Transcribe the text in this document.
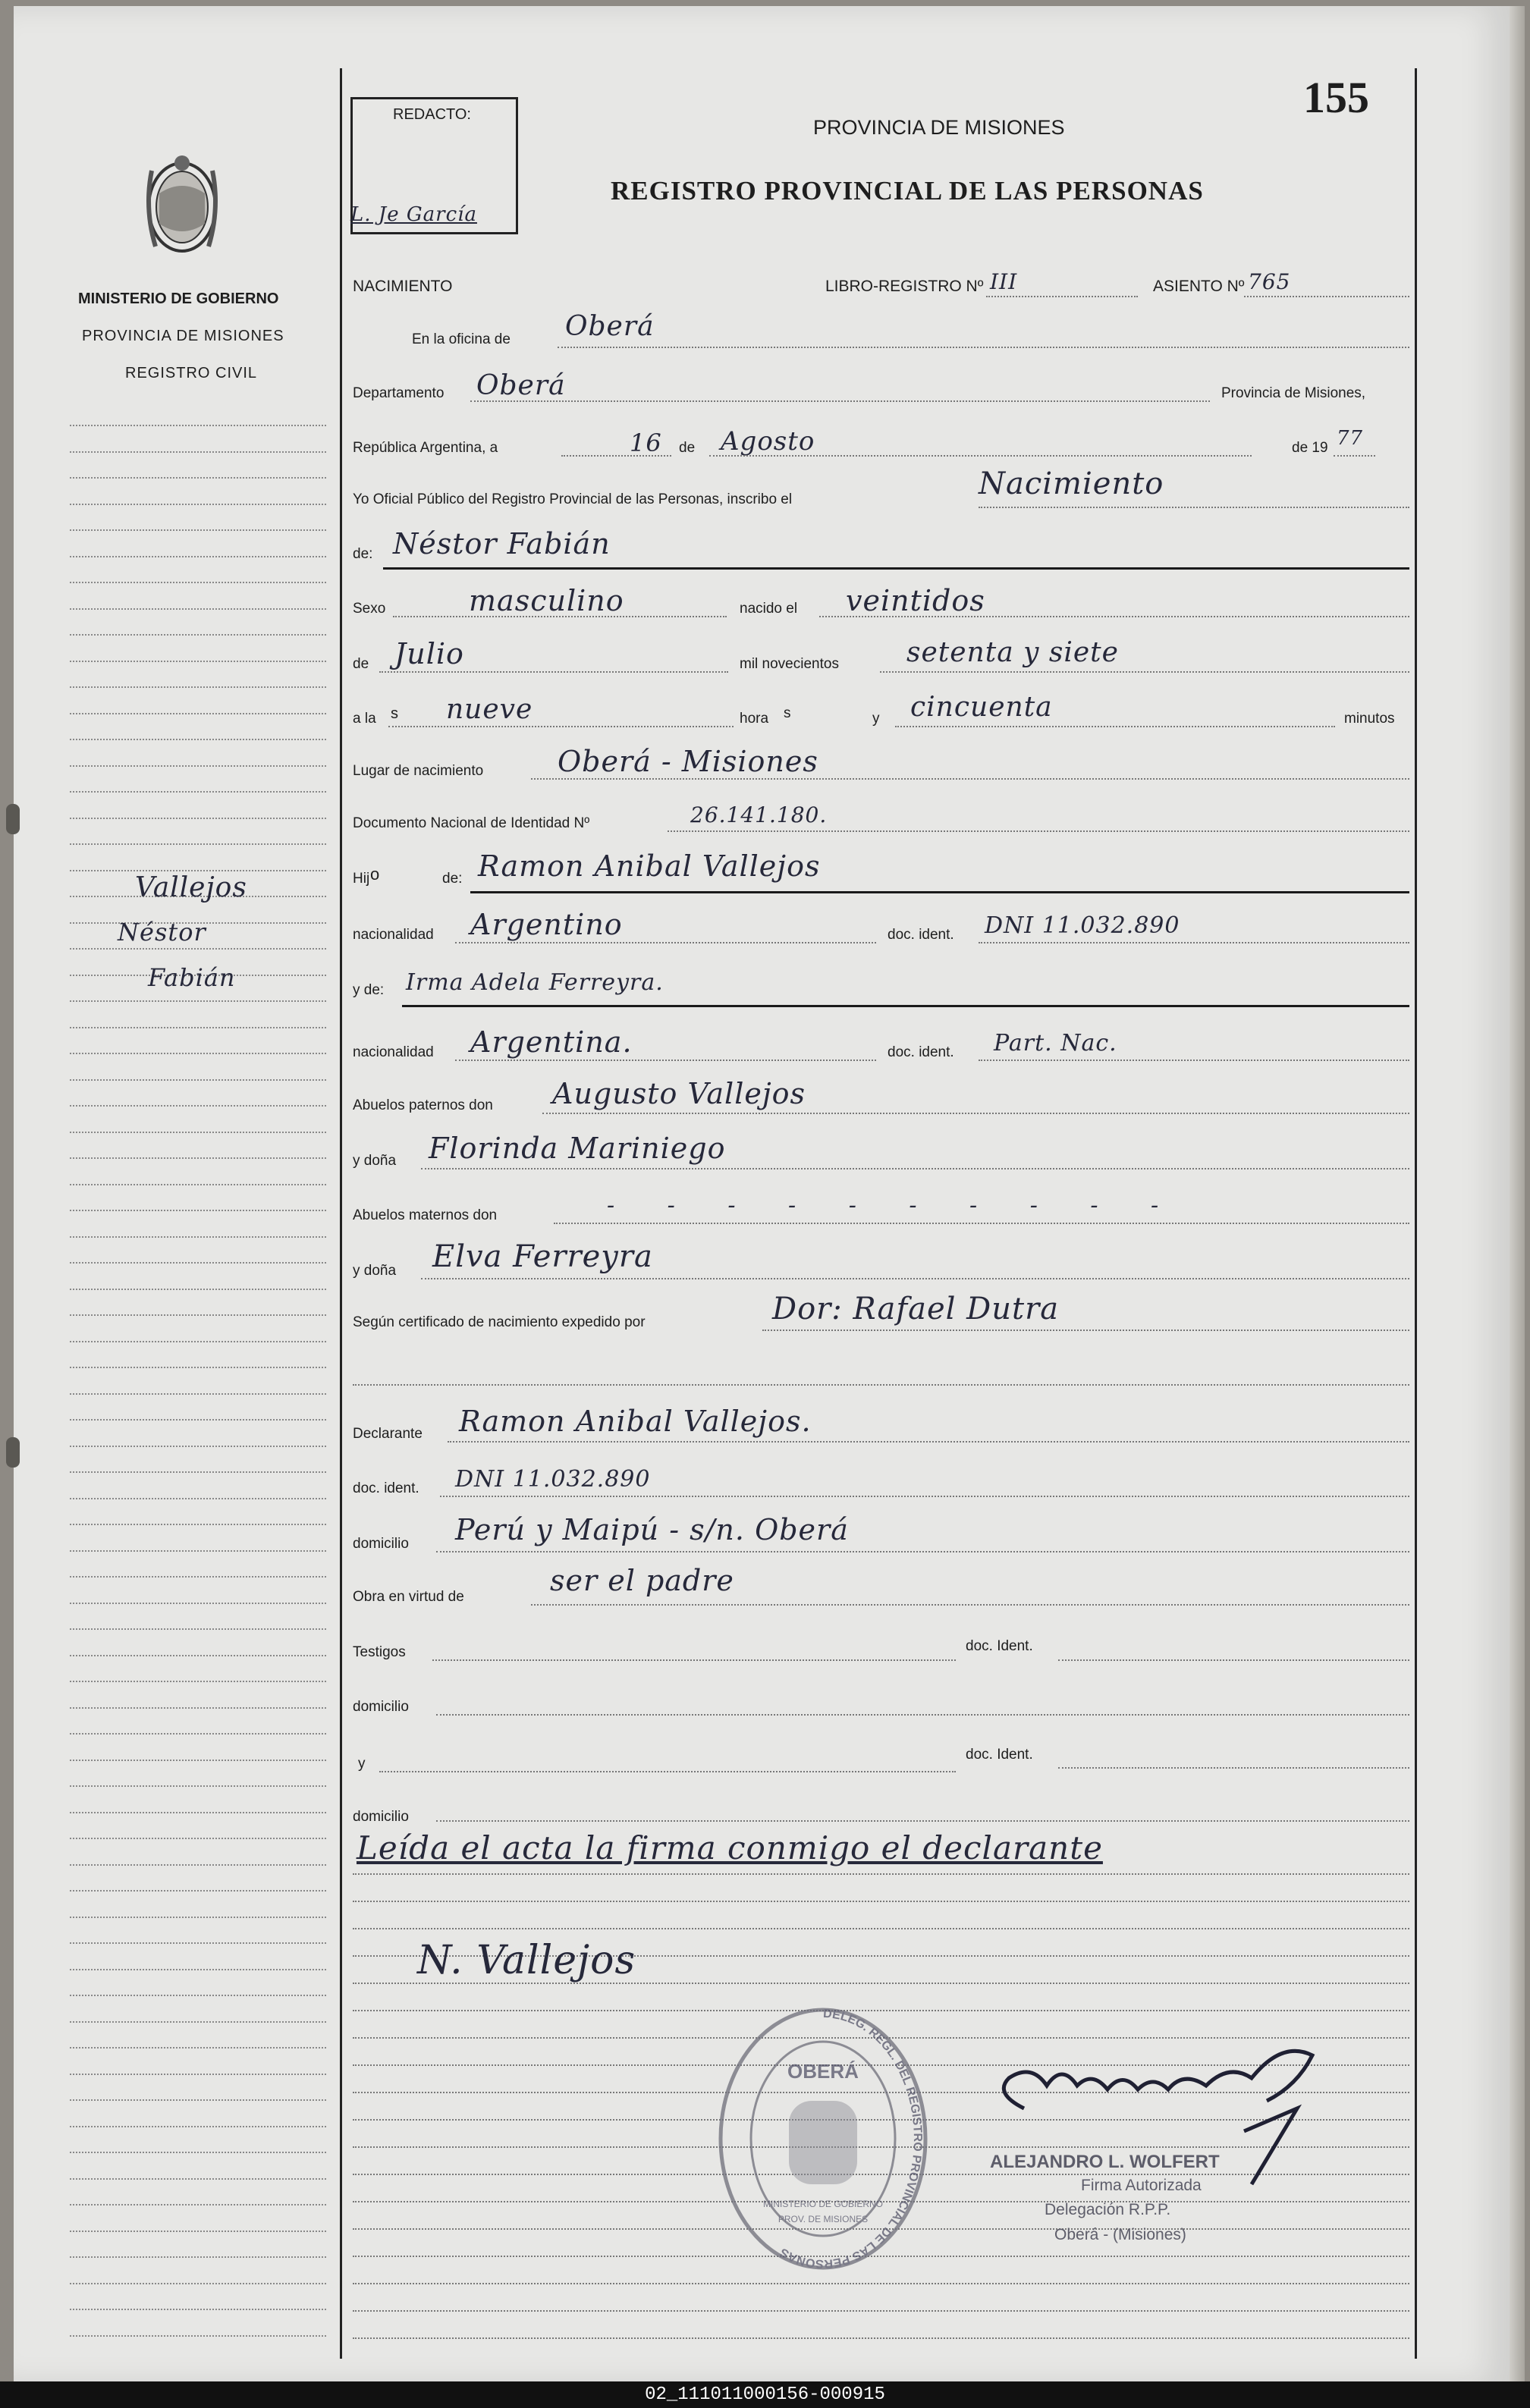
MINISTERIO DE GOBIERNO
PROVINCIA DE MISIONES
REGISTRO CIVIL
Vallejos
Néstor
Fabián
REDACTO:
L. Je García
PROVINCIA DE MISIONES
REGISTRO PROVINCIAL DE LAS PERSONAS
155
NACIMIENTO	LIBRO-REGISTRO Nº III	ASIENTO Nº 765
En la oficina de Oberá
Departamento Oberá	Provincia de Misiones,
República Argentina, a	16 de Agosto	de 19 77
Yo Oficial Público del Registro Provincial de las Personas, inscribo el	Nacimiento
de: Néstor Fabián
Sexo	masculino	nacido el veintidos
de Julio	mil novecientos setenta y siete
a la s nueve	hora s	y cincuenta	minutos
Lugar de nacimiento	Oberá - Misiones
Documento Nacional de Identidad Nº	26.141.180.
Hij o	de: Ramon Anibal Vallejos
nacionalidad Argentino	doc. ident. DNI 11.032.890
y de: Irma Adela Ferreyra.
nacionalidad Argentina.	doc. ident. Part. Nac.
Abuelos paternos don Augusto Vallejos
y doña Florinda Mariniego
Abuelos maternos don	- - - - - - - - - -
y doña Elva Ferreyra
Según certificado de nacimiento expedido por	Dor: Rafael Dutra
Declarante Ramon Anibal Vallejos.
doc. ident. DNI 11.032.890
domicilio Perú y Maipú - s/n. Oberá
Obra en virtud de	ser el padre
Testigos	doc. Ident.
domicilio
y
doc. Ident.
domicilio
Leída el acta la firma conmigo el declarante
N. Vallejos
DELEG. REGL. DEL REGISTRO PROVINCIAL DE LAS PERSONAS
OBERÁ
MINISTERIO DE GOBIERNO
PROV. DE MISIONES
ALEJANDRO L. WOLFERT
Firma Autorizada
Delegación R.P.P.
Oberá - (Misiones)
02_111011000156-000915
